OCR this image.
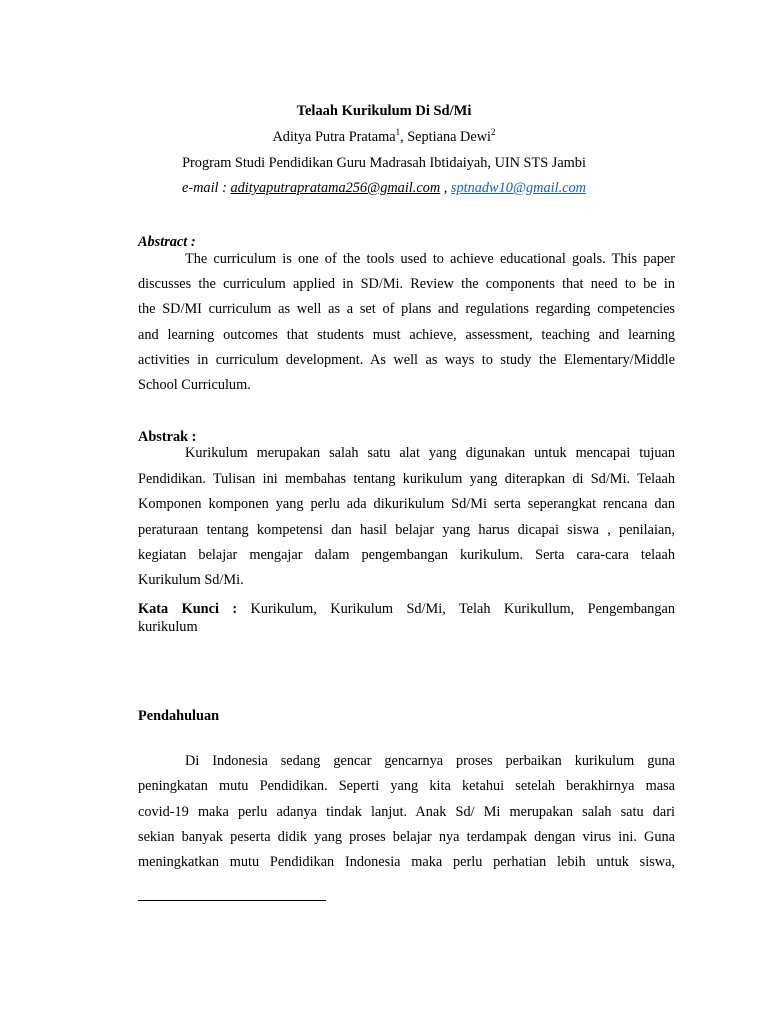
Telaah Kurikulum Di Sd/Mi
Aditya Putra Pratama$^1$, Septiana Dewi$^2$
Program Studi Pendidikan Guru Madrasah Ibtidaiyah, UIN STS Jambi
e-mail : adityaputrapratama256@gmail.com , sptnadw10@gmail.com
Abstract :
The curriculum is one of the tools used to achieve educational goals. This paper
discusses the curriculum applied in SD/Mi. Review the components that need to be in
the SD/MI curriculum as well as a set of plans and regulations regarding competencies
and learning outcomes that students must achieve, assessment, teaching and learning
activities in curriculum development. As well as ways to study the Elementary/Middle
School Curriculum.
Abstrak :
Kurikulum merupakan salah satu alat yang digunakan untuk mencapai tujuan
Pendidikan. Tulisan ini membahas tentang kurikulum yang diterapkan di Sd/Mi. Telaah
Komponen komponen yang perlu ada dikurikulum Sd/Mi serta seperangkat rencana dan
peraturaan tentang kompetensi dan hasil belajar yang harus dicapai siswa , penilaian,
kegiatan belajar mengajar dalam pengembangan kurikulum. Serta cara-cara telaah
Kurikulum Sd/Mi.
Kata Kunci : Kurikulum, Kurikulum Sd/Mi, Telah Kurikullum, Pengembangan
kurikulum
Pendahuluan
Di Indonesia sedang gencar gencarnya proses perbaikan kurikulum guna
peningkatan mutu Pendidikan. Seperti yang kita ketahui setelah berakhirnya masa
covid-19 maka perlu adanya tindak lanjut. Anak Sd/ Mi merupakan salah satu dari
sekian banyak peserta didik yang proses belajar nya terdampak dengan virus ini. Guna
meningkatkan mutu Pendidikan Indonesia maka perlu perhatian lebih untuk siswa,
